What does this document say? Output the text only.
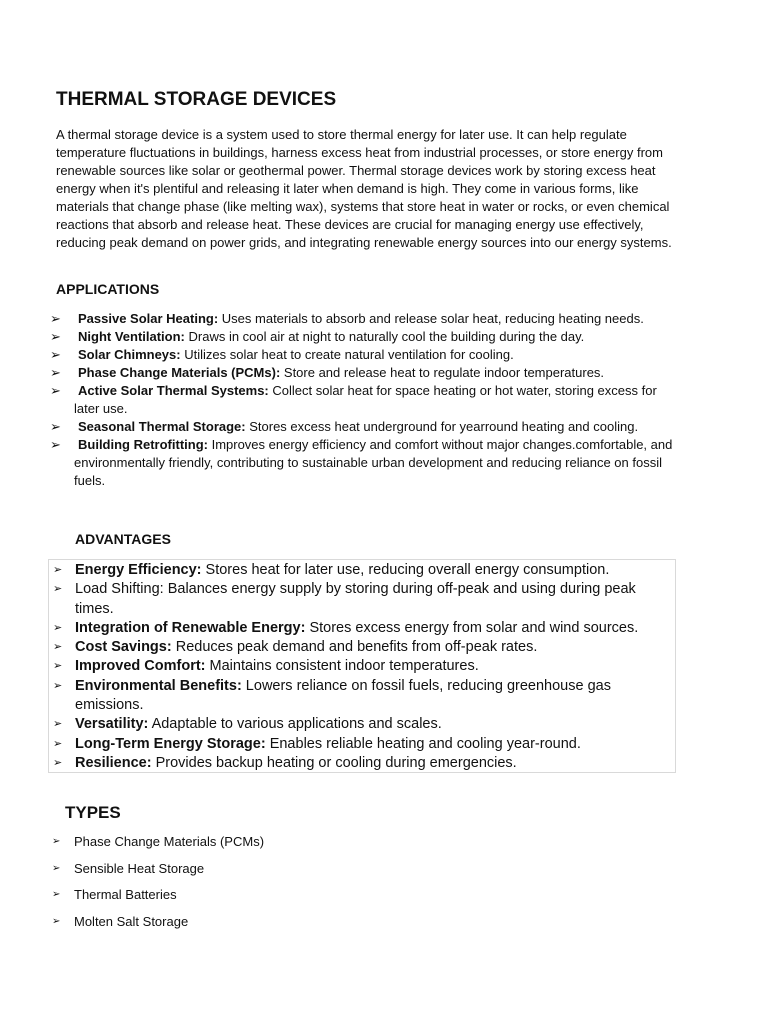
THERMAL STORAGE DEVICES

A thermal storage device is a system used to store thermal energy for later use. It can help regulate temperature fluctuations in buildings, harness excess heat from industrial processes, or store energy from renewable sources like solar or geothermal power. Thermal storage devices work by storing excess heat energy when it's plentiful and releasing it later when demand is high. They come in various forms, like materials that change phase (like melting wax), systems that store heat in water or rocks, or even chemical reactions that absorb and release heat. These devices are crucial for managing energy use effectively, reducing peak demand on power grids, and integrating renewable energy sources into our energy systems.

APPLICATIONS
➢ Passive Solar Heating: Uses materials to absorb and release solar heat, reducing heating needs.
➢ Night Ventilation: Draws in cool air at night to naturally cool the building during the day.
➢ Solar Chimneys: Utilizes solar heat to create natural ventilation for cooling.
➢ Phase Change Materials (PCMs): Store and release heat to regulate indoor temperatures.
➢ Active Solar Thermal Systems: Collect solar heat for space heating or hot water, storing excess for later use.
➢ Seasonal Thermal Storage: Stores excess heat underground for yearround heating and cooling.
➢ Building Retrofitting: Improves energy efficiency and comfort without major changes.comfortable, and environmentally friendly, contributing to sustainable urban development and reducing reliance on fossil fuels.
ADVANTAGES
➢ Energy Efficiency: Stores heat for later use, reducing overall energy consumption.
➢ Load Shifting: Balances energy supply by storing during off-peak and using during peak times.
➢ Integration of Renewable Energy: Stores excess energy from solar and wind sources.
➢ Cost Savings: Reduces peak demand and benefits from off-peak rates.
➢ Improved Comfort: Maintains consistent indoor temperatures.
➢ Environmental Benefits: Lowers reliance on fossil fuels, reducing greenhouse gas emissions.
➢ Versatility: Adaptable to various applications and scales.
➢ Long-Term Energy Storage: Enables reliable heating and cooling year-round.
➢ Resilience: Provides backup heating or cooling during emergencies.
TYPES
➢ Phase Change Materials (PCMs)
➢ Sensible Heat Storage
➢ Thermal Batteries
➢ Molten Salt Storage
